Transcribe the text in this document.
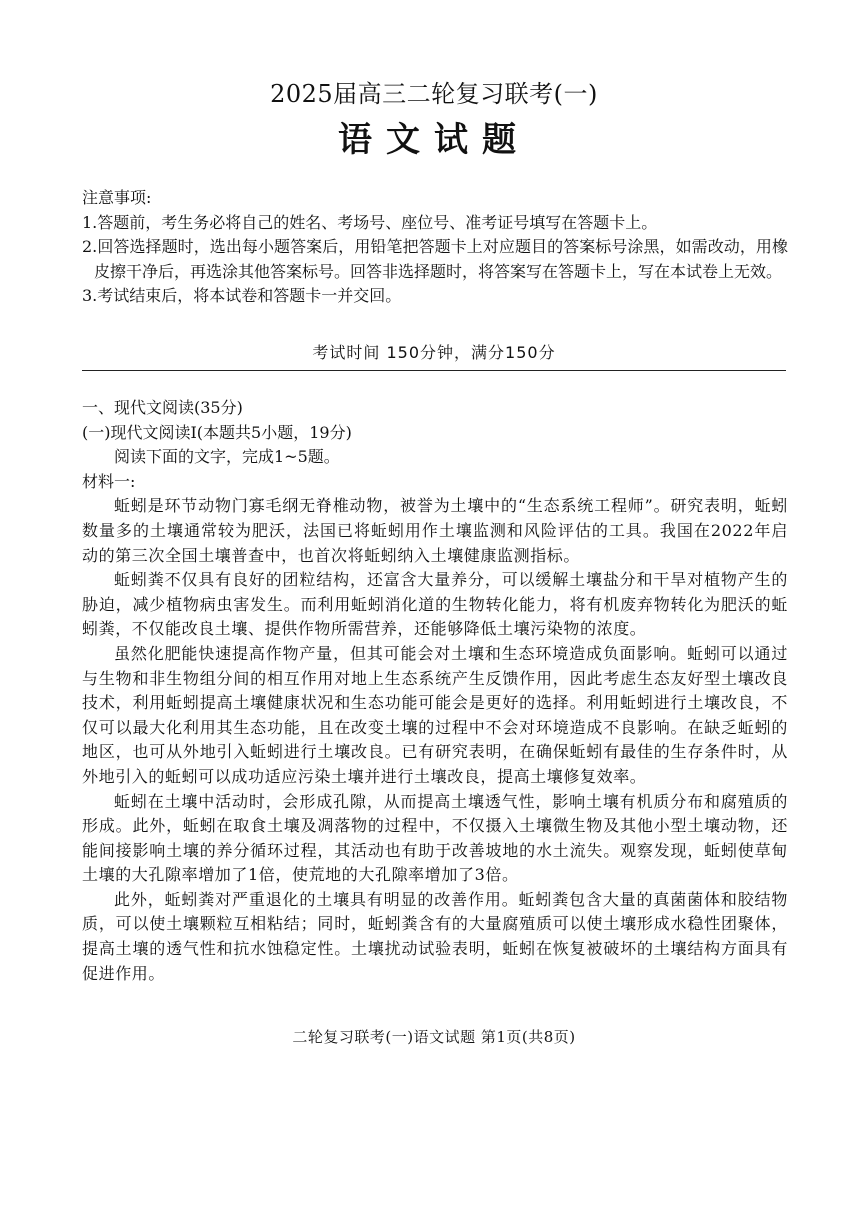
2025届高三二轮复习联考(一)
语文试题
注意事项:
1.答题前，考生务必将自己的姓名、考场号、座位号、准考证号填写在答题卡上。
2.回答选择题时，选出每小题答案后，用铅笔把答题卡上对应题目的答案标号涂黑，如需改动，用橡皮擦干净后，再选涂其他答案标号。回答非选择题时，将答案写在答题卡上，写在本试卷上无效。
3.考试结束后，将本试卷和答题卡一并交回。
考试时间 150分钟，满分150分

一、现代文阅读(35分)

(一)现代文阅读Ⅰ(本题共5小题，19分)

阅读下面的文字，完成1~5题。

材料一:

蚯蚓是环节动物门寡毛纲无脊椎动物，被誉为土壤中的“生态系统工程师”。研究表明，蚯蚓数量多的土壤通常较为肥沃，法国已将蚯蚓用作土壤监测和风险评估的工具。我国在2022年启动的第三次全国土壤普查中，也首次将蚯蚓纳入土壤健康监测指标。

蚯蚓粪不仅具有良好的团粒结构，还富含大量养分，可以缓解土壤盐分和干旱对植物产生的胁迫，减少植物病虫害发生。而利用蚯蚓消化道的生物转化能力，将有机废弃物转化为肥沃的蚯蚓粪，不仅能改良土壤、提供作物所需营养，还能够降低土壤污染物的浓度。

虽然化肥能快速提高作物产量，但其可能会对土壤和生态环境造成负面影响。蚯蚓可以通过与生物和非生物组分间的相互作用对地上生态系统产生反馈作用，因此考虑生态友好型土壤改良技术，利用蚯蚓提高土壤健康状况和生态功能可能会是更好的选择。利用蚯蚓进行土壤改良，不仅可以最大化利用其生态功能，且在改变土壤的过程中不会对环境造成不良影响。在缺乏蚯蚓的地区，也可从外地引入蚯蚓进行土壤改良。已有研究表明，在确保蚯蚓有最佳的生存条件时，从外地引入的蚯蚓可以成功适应污染土壤并进行土壤改良，提高土壤修复效率。

蚯蚓在土壤中活动时，会形成孔隙，从而提高土壤透气性，影响土壤有机质分布和腐殖质的形成。此外，蚯蚓在取食土壤及凋落物的过程中，不仅摄入土壤微生物及其他小型土壤动物，还能间接影响土壤的养分循环过程，其活动也有助于改善坡地的水土流失。观察发现，蚯蚓使草甸土壤的大孔隙率增加了1倍，使荒地的大孔隙率增加了3倍。

此外，蚯蚓粪对严重退化的土壤具有明显的改善作用。蚯蚓粪包含大量的真菌菌体和胶结物质，可以使土壤颗粒互相粘结；同时，蚯蚓粪含有的大量腐殖质可以使土壤形成水稳性团聚体，提高土壤的透气性和抗水蚀稳定性。土壤扰动试验表明，蚯蚓在恢复被破坏的土壤结构方面具有促进作用。

二轮复习联考(一)语文试题 第1页(共8页)
